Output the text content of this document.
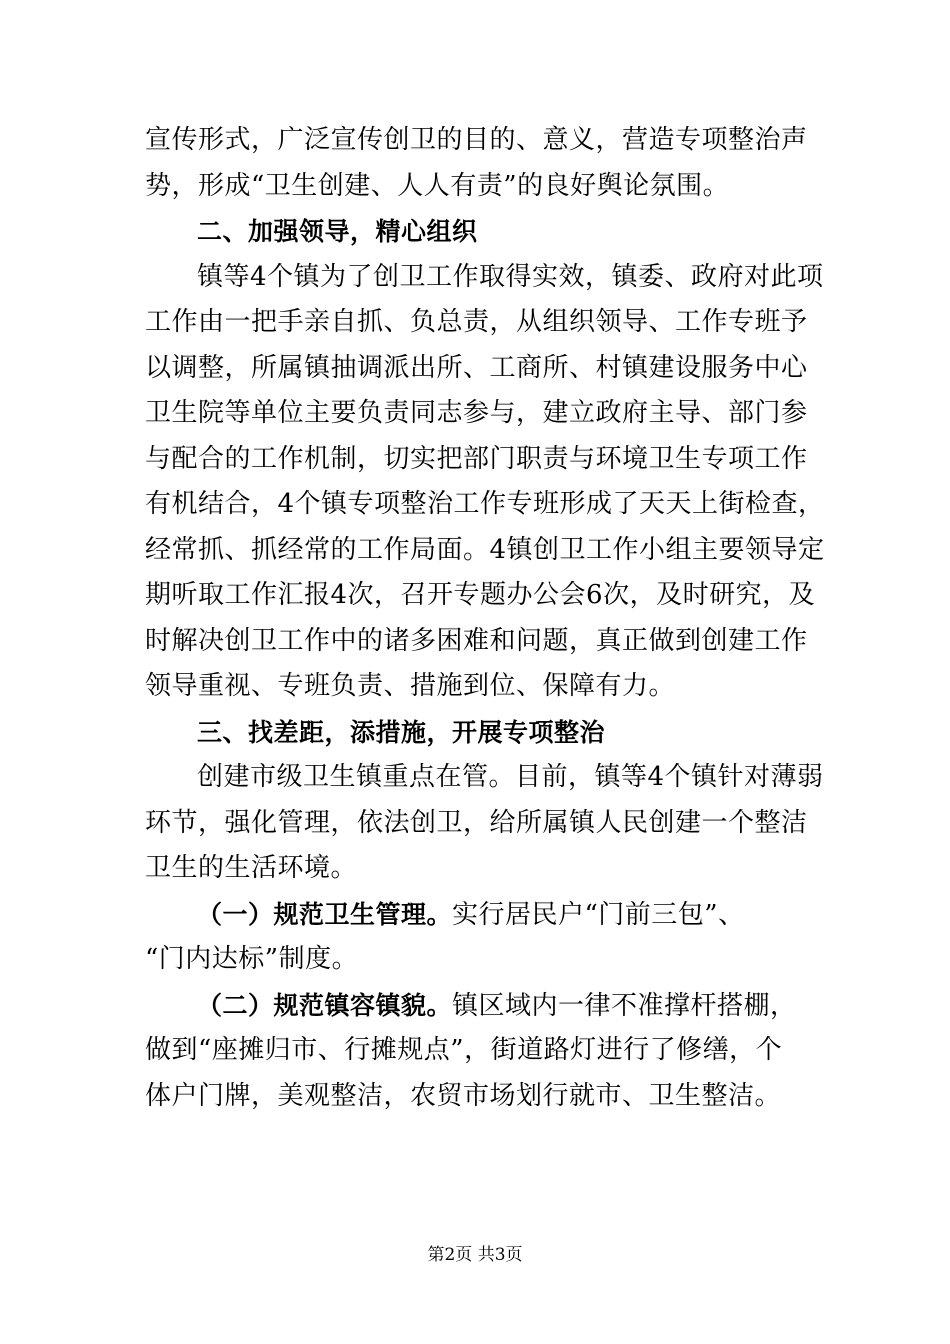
宣传形式，广泛宣传创卫的目的、意义，营造专项整治声
势，形成“卫生创建、人人有责”的良好舆论氛围。
二、加强领导，精心组织
镇等4个镇为了创卫工作取得实效，镇委、政府对此项
工作由一把手亲自抓、负总责，从组织领导、工作专班予
以调整，所属镇抽调派出所、工商所、村镇建设服务中心
卫生院等单位主要负责同志参与，建立政府主导、部门参
与配合的工作机制，切实把部门职责与环境卫生专项工作
有机结合，4个镇专项整治工作专班形成了天天上街检查，
经常抓、抓经常的工作局面。4镇创卫工作小组主要领导定
期听取工作汇报4次，召开专题办公会6次，及时研究，及
时解决创卫工作中的诸多困难和问题，真正做到创建工作
领导重视、专班负责、措施到位、保障有力。
三、找差距，添措施，开展专项整治
创建市级卫生镇重点在管。目前，镇等4个镇针对薄弱
环节，强化管理，依法创卫，给所属镇人民创建一个整洁
卫生的生活环境。
（一）规范卫生管理。实行居民户“门前三包”、
“门内达标”制度。
（二）规范镇容镇貌。镇区域内一律不准撑杆搭棚，
做到“座摊归市、行摊规点”，街道路灯进行了修缮，个
体户门牌，美观整洁，农贸市场划行就市、卫生整洁。
第2页 共3页
